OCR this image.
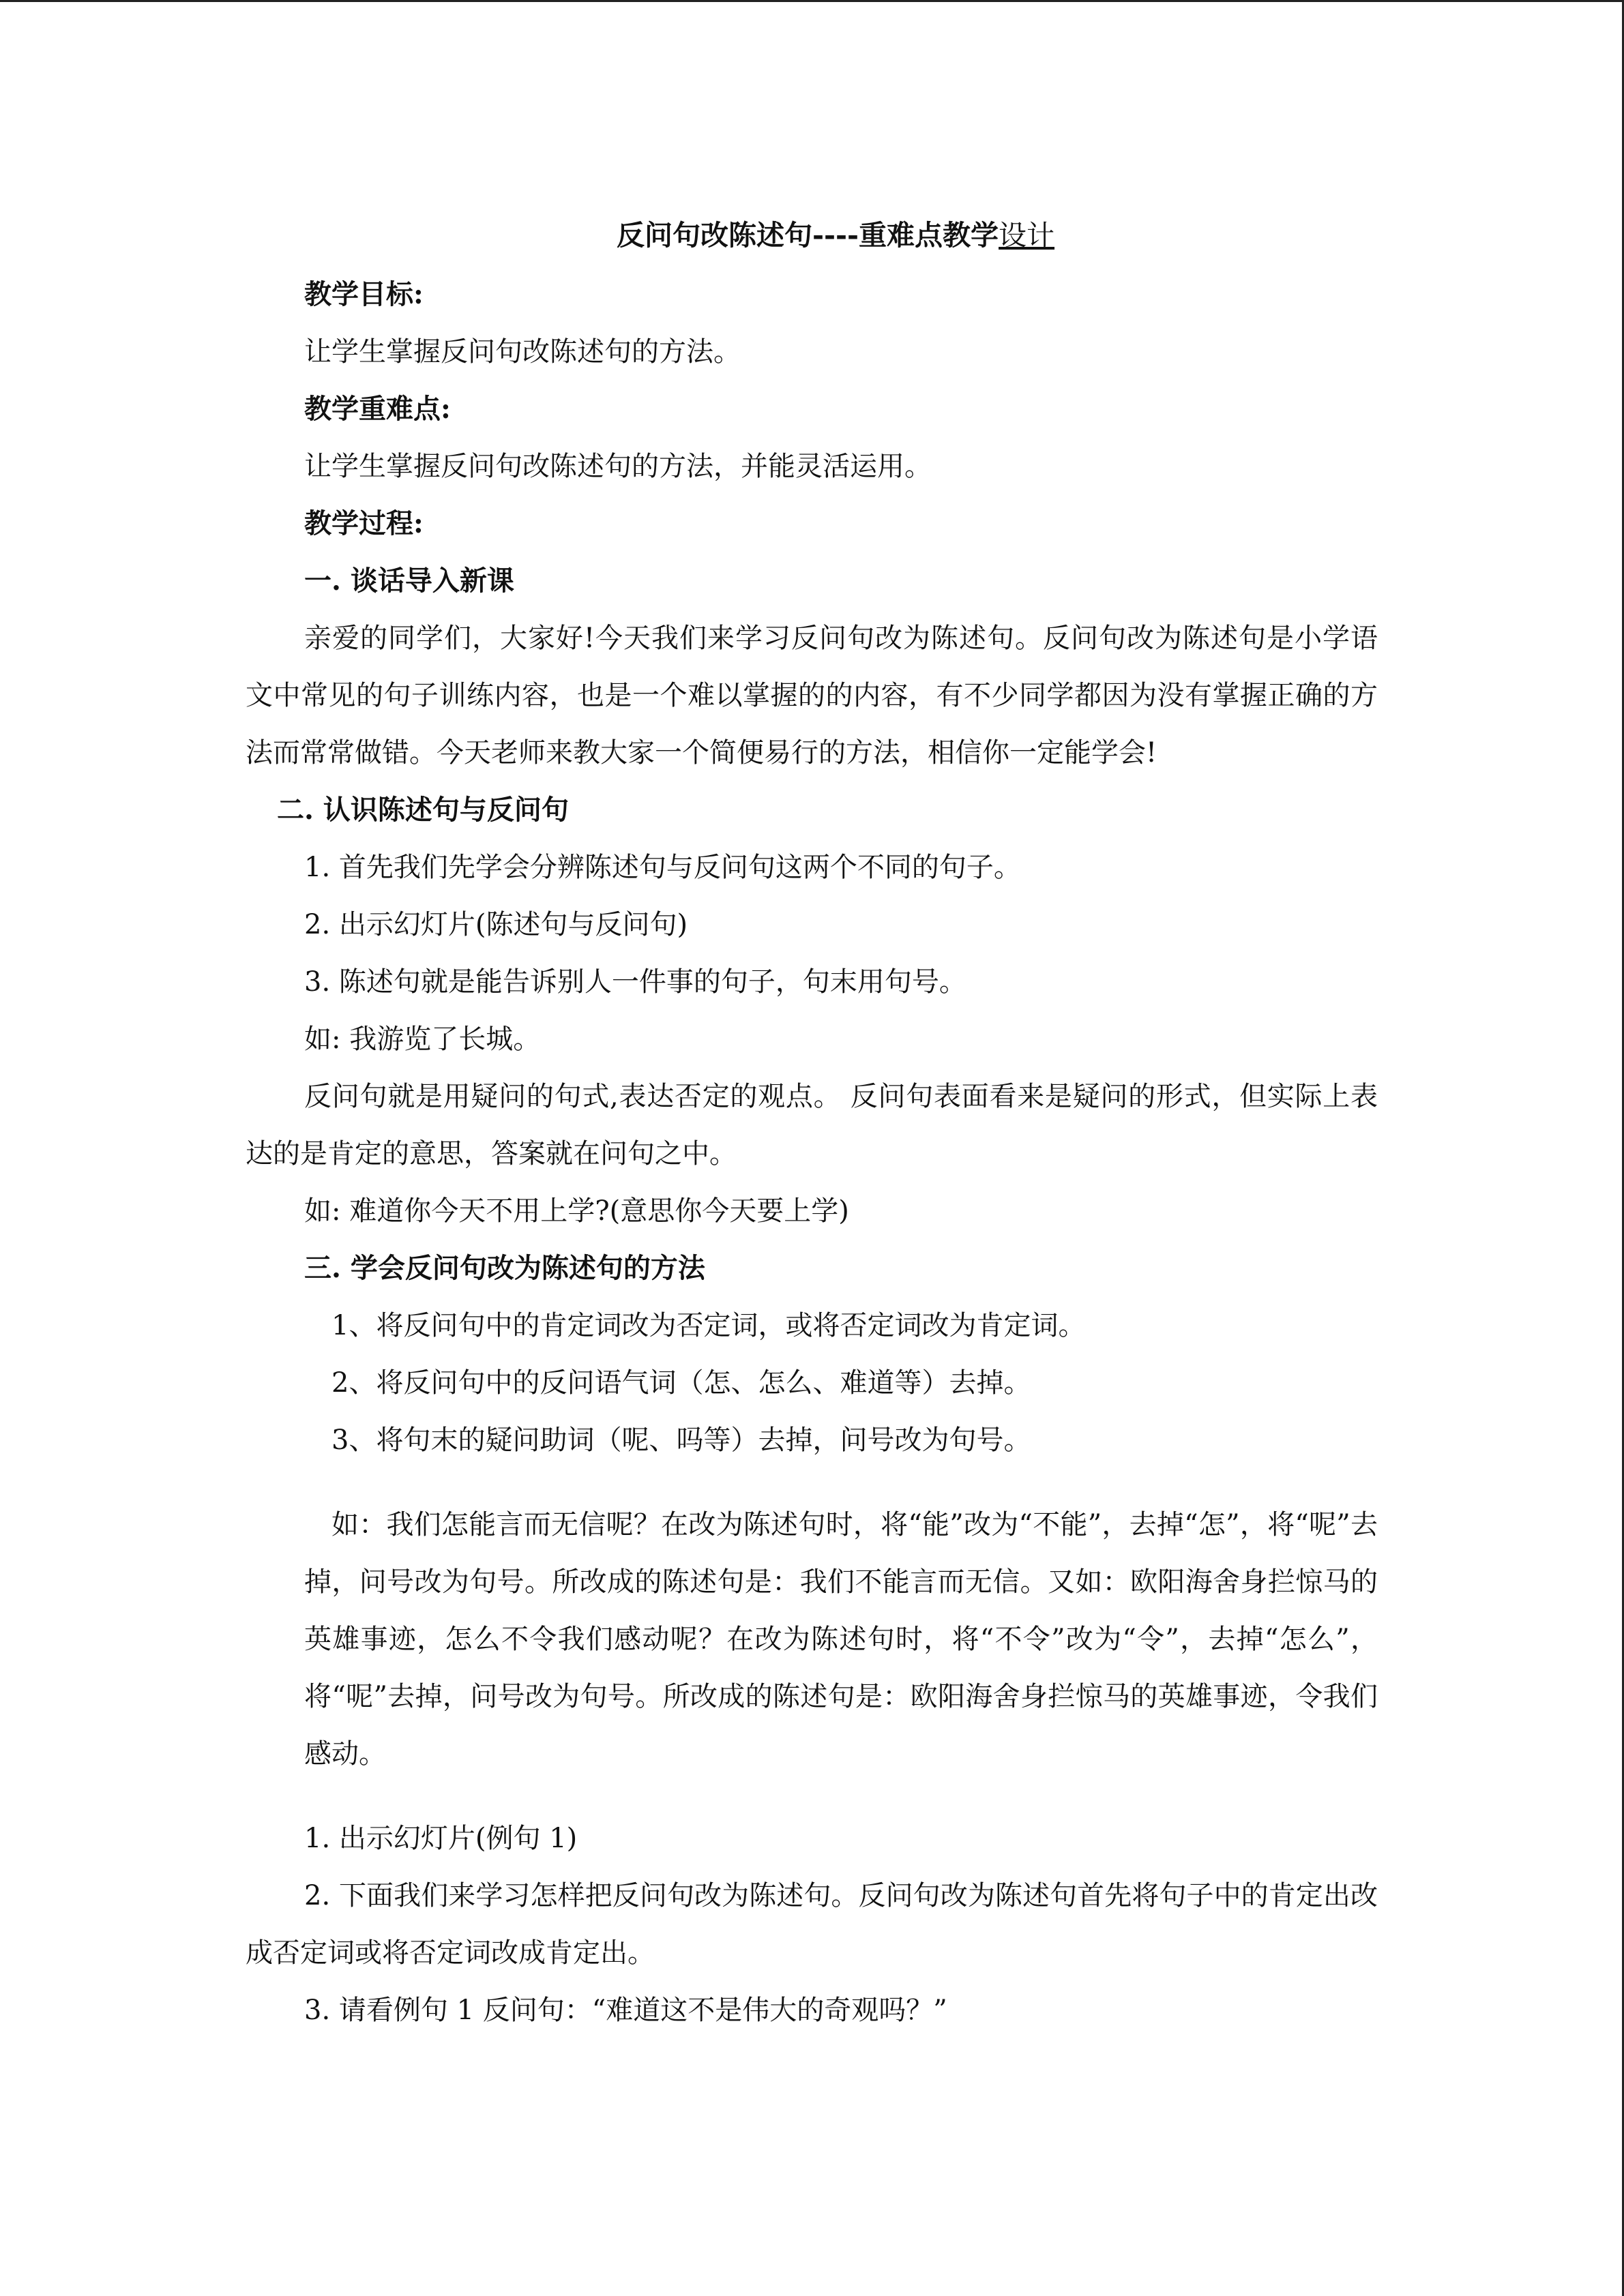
反问句改陈述句----重难点教学设计

教学目标:

让学生掌握反问句改陈述句的方法。

教学重难点:

让学生掌握反问句改陈述句的方法，并能灵活运用。

教学过程:

一. 谈话导入新课

亲爱的同学们，大家好!今天我们来学习反问句改为陈述句。反问句改为陈述句是小学语文中常见的句子训练内容，也是一个难以掌握的的内容，有不少同学都因为没有掌握正确的方法而常常做错。今天老师来教大家一个简便易行的方法，相信你一定能学会!

二. 认识陈述句与反问句

1. 首先我们先学会分辨陈述句与反问句这两个不同的句子。

2. 出示幻灯片(陈述句与反问句)

3. 陈述句就是能告诉别人一件事的句子，句末用句号。

如: 我游览了长城。

反问句就是用疑问的句式,表达否定的观点。 反问句表面看来是疑问的形式，但实际上表达的是肯定的意思，答案就在问句之中。

如: 难道你今天不用上学?(意思你今天要上学)

三. 学会反问句改为陈述句的方法

1、将反问句中的肯定词改为否定词，或将否定词改为肯定词。

2、将反问句中的反问语气词（怎、怎么、难道等）去掉。

3、将句末的疑问助词（呢、吗等）去掉，问号改为句号。

如：我们怎能言而无信呢？在改为陈述句时，将“能”改为“不能”，去掉“怎”，将“呢”去掉，问号改为句号。所改成的陈述句是：我们不能言而无信。又如：欧阳海舍身拦惊马的英雄事迹，怎么不令我们感动呢？在改为陈述句时，将“不令”改为“令”，去掉“怎么”，将“呢”去掉，问号改为句号。所改成的陈述句是：欧阳海舍身拦惊马的英雄事迹，令我们感动。

1. 出示幻灯片(例句 1)

2. 下面我们来学习怎样把反问句改为陈述句。反问句改为陈述句首先将句子中的肯定出改成否定词或将否定词改成肯定出。

3. 请看例句 1 反问句：“难道这不是伟大的奇观吗？”
